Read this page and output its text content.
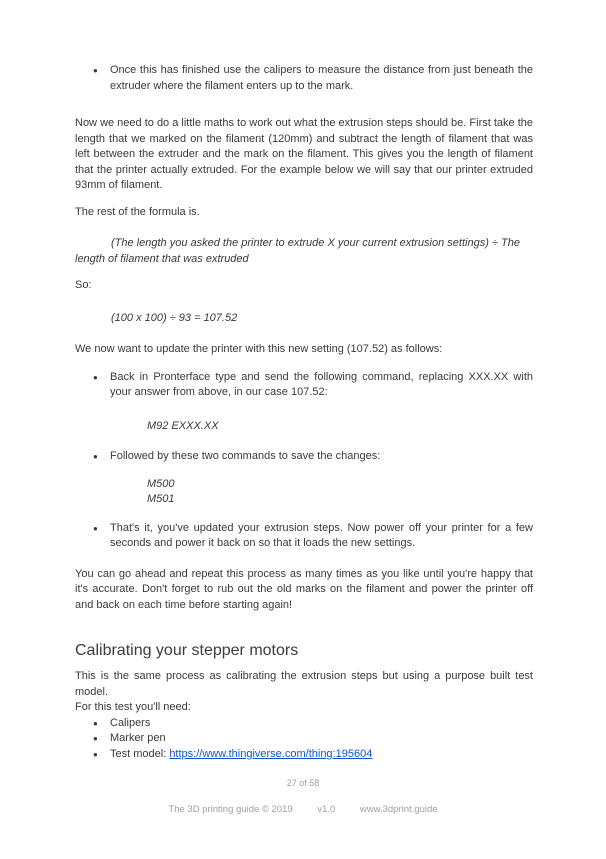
●	Once this has finished use the calipers to measure the distance from just beneath the extruder where the filament enters up to the mark.

Now we need to do a little maths to work out what the extrusion steps should be. First take the length that we marked on the filament (120mm) and subtract the length of filament that was left between the extruder and the mark on the filament. This gives you the length of filament that the printer actually extruded. For the example below we will say that our printer extruded 93mm of filament.

The rest of the formula is.

(The length you asked the printer to extrude X your current extrusion settings) ÷ The length of filament that was extruded

So:

(100 x 100) ÷ 93 = 107.52

We now want to update the printer with this new setting (107.52) as follows:

●	Back in Pronterface type and send the following command, replacing XXX.XX with your answer from above, in our case 107.52:

M92 EXXX.XX

●	Followed by these two commands to save the changes:

M500

M501

●	That's it, you've updated your extrusion steps. Now power off your printer for a few seconds and power it back on so that it loads the new settings.

You can go ahead and repeat this process as many times as you like until you're happy that it's accurate. Don't forget to rub out the old marks on the filament and power the printer off and back on each time before starting again!

Calibrating your stepper motors

This is the same process as calibrating the extrusion steps but using a purpose built test model.

For this test you'll need:

●	Calipers
●	Marker pen
●	Test model: https://www.thingiverse.com/thing:195604
27 of 58
The 3D printing guide © 2019	v1.0	www.3dprint.guide
